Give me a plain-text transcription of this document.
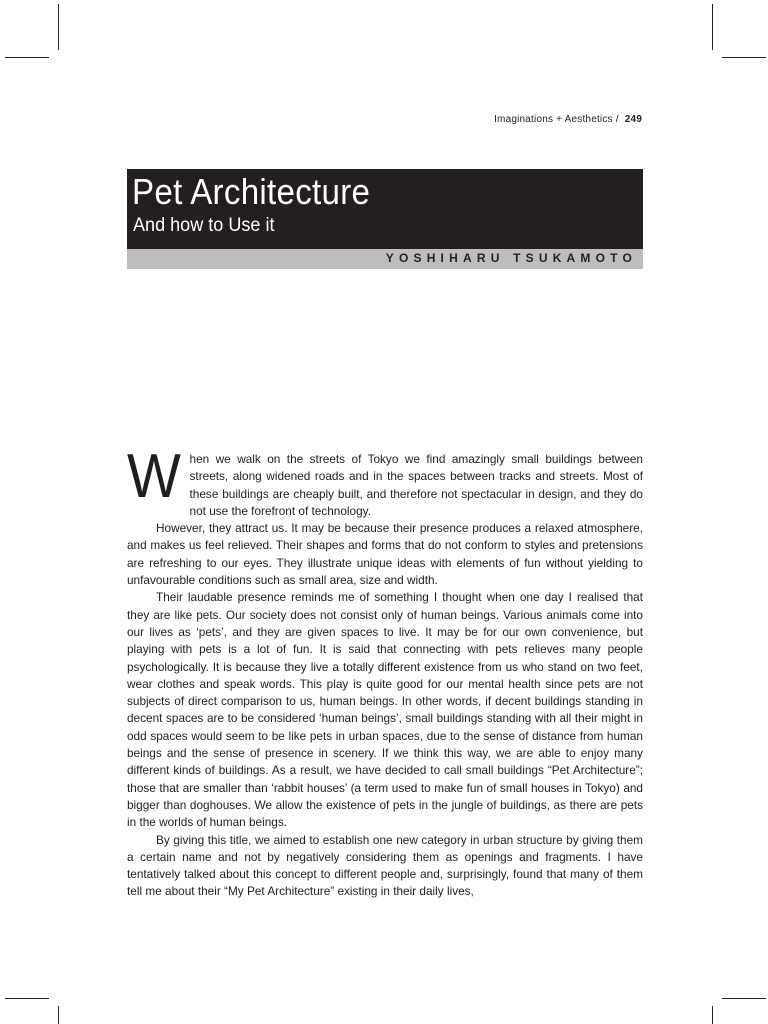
Imaginations + Aesthetics / 249
Pet Architecture
And how to Use it
YOSHIHARU TSUKAMOTO

When we walk on the streets of Tokyo we find amazingly small buildings between streets, along widened roads and in the spaces between tracks and streets. Most of these buildings are cheaply built, and therefore not spectacular in design, and they do not use the forefront of technology.

However, they attract us. It may be because their presence produces a relaxed atmosphere, and makes us feel relieved. Their shapes and forms that do not conform to styles and pretensions are refreshing to our eyes. They illustrate unique ideas with elements of fun without yielding to unfavourable conditions such as small area, size and width.

Their laudable presence reminds me of something I thought when one day I realised that they are like pets. Our society does not consist only of human beings. Various animals come into our lives as ‘pets’, and they are given spaces to live. It may be for our own convenience, but playing with pets is a lot of fun. It is said that connecting with pets relieves many people psychologically. It is because they live a totally different existence from us who stand on two feet, wear clothes and speak words. This play is quite good for our mental health since pets are not subjects of direct comparison to us, human beings. In other words, if decent buildings standing in decent spaces are to be considered ‘human beings’, small buildings standing with all their might in odd spaces would seem to be like pets in urban spaces, due to the sense of distance from human beings and the sense of presence in scenery. If we think this way, we are able to enjoy many different kinds of buildings. As a result, we have decided to call small buildings “Pet Architecture”; those that are smaller than ‘rabbit houses’ (a term used to make fun of small houses in Tokyo) and bigger than doghouses. We allow the existence of pets in the jungle of buildings, as there are pets in the worlds of human beings.

By giving this title, we aimed to establish one new category in urban structure by giving them a certain name and not by negatively considering them as openings and fragments. I have tentatively talked about this concept to different people and, surprisingly, found that many of them tell me about their “My Pet Architecture” existing in their daily lives,
